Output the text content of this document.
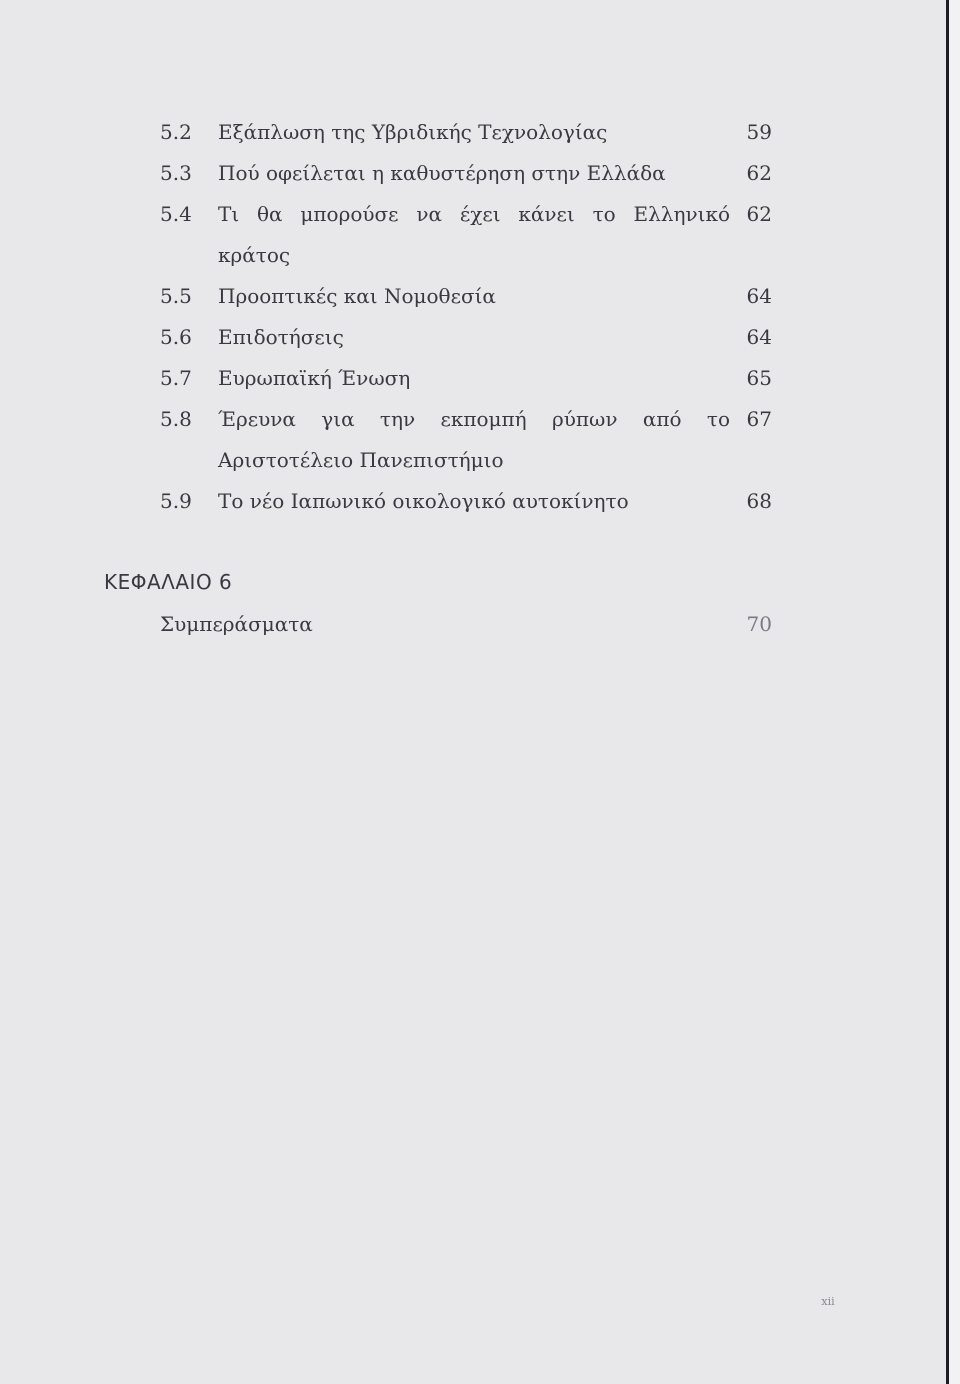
5.2	Εξάπλωση της Υβριδικής Τεχνολογίας	59
5.3	Πού οφείλεται η καθυστέρηση στην Ελλάδα	62
5.4	Τι θα μπορούσε να έχει κάνει το Ελληνικό 62
κράτος
5.5	Προοπτικές και Νομοθεσία	64
5.6	Επιδοτήσεις	64
5.7	Ευρωπαϊκή Ένωση	65
5.8	Έρευνα για την εκπομπή ρύπων από το 67
Αριστοτέλειο Πανεπιστήμιο
5.9	Το νέο Ιαπωνικό οικολογικό αυτοκίνητο	68
ΚΕΦΑΛΑΙΟ 6
Συμπεράσματα	70
xii
